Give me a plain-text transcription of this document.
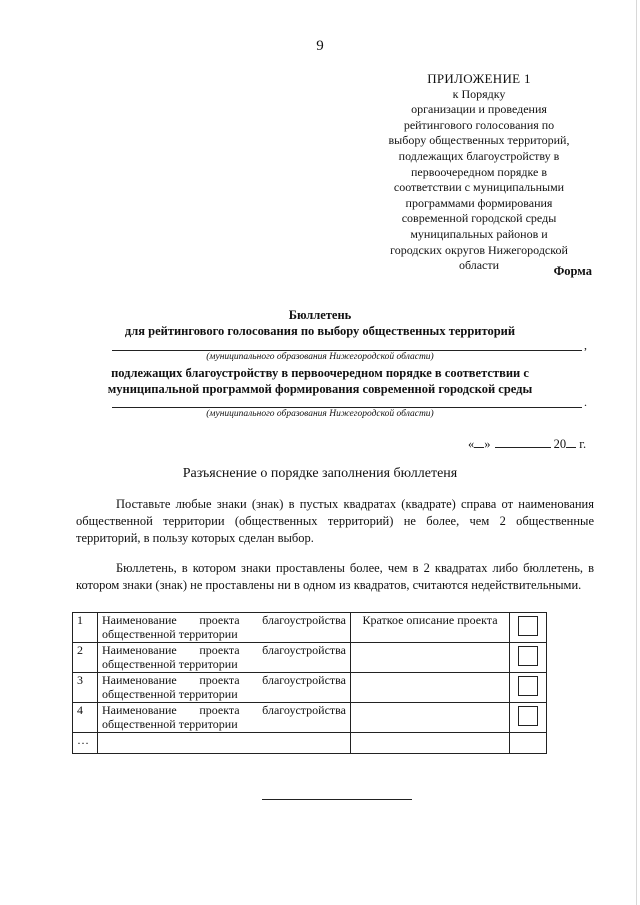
9
ПРИЛОЖЕНИЕ 1
к Порядку
организации и проведения
рейтингового голосования по
выбору общественных территорий,
подлежащих благоустройству в
первоочередном порядке в
соответствии с муниципальными
программами формирования
современной городской среды
муниципальных районов и
городских округов Нижегородской
области	Форма
Бюллетень
для рейтингового голосования по выбору общественных территорий
,
(муниципального образования Нижегородской области)
подлежащих благоустройству в первоочередном порядке в соответствии с
муниципальной программой формирования современной городской среды
.
(муниципального образования Нижегородской области)
« »	20 г.
Разъяснение о порядке заполнения бюллетеня
Поставьте любые знаки (знак) в пустых квадратах (квадрате) справа от наименования общественной территории (общественных территорий) не более, чем 2 общественные территорий, в пользу которых сделан выбор.
Бюллетень, в котором знаки проставлены более, чем в 2 квадратах либо бюллетень, в котором знаки (знак) не проставлены ни в одном из квадратов, считаются недействительными.
1	Наименование проекта благоустройства общественной территории	Краткое описание проекта	
2	Наименование проекта благоустройства общественной территории		
3	Наименование проекта благоустройства общественной территории		
4	Наименование проекта благоустройства общественной территории		
…			
